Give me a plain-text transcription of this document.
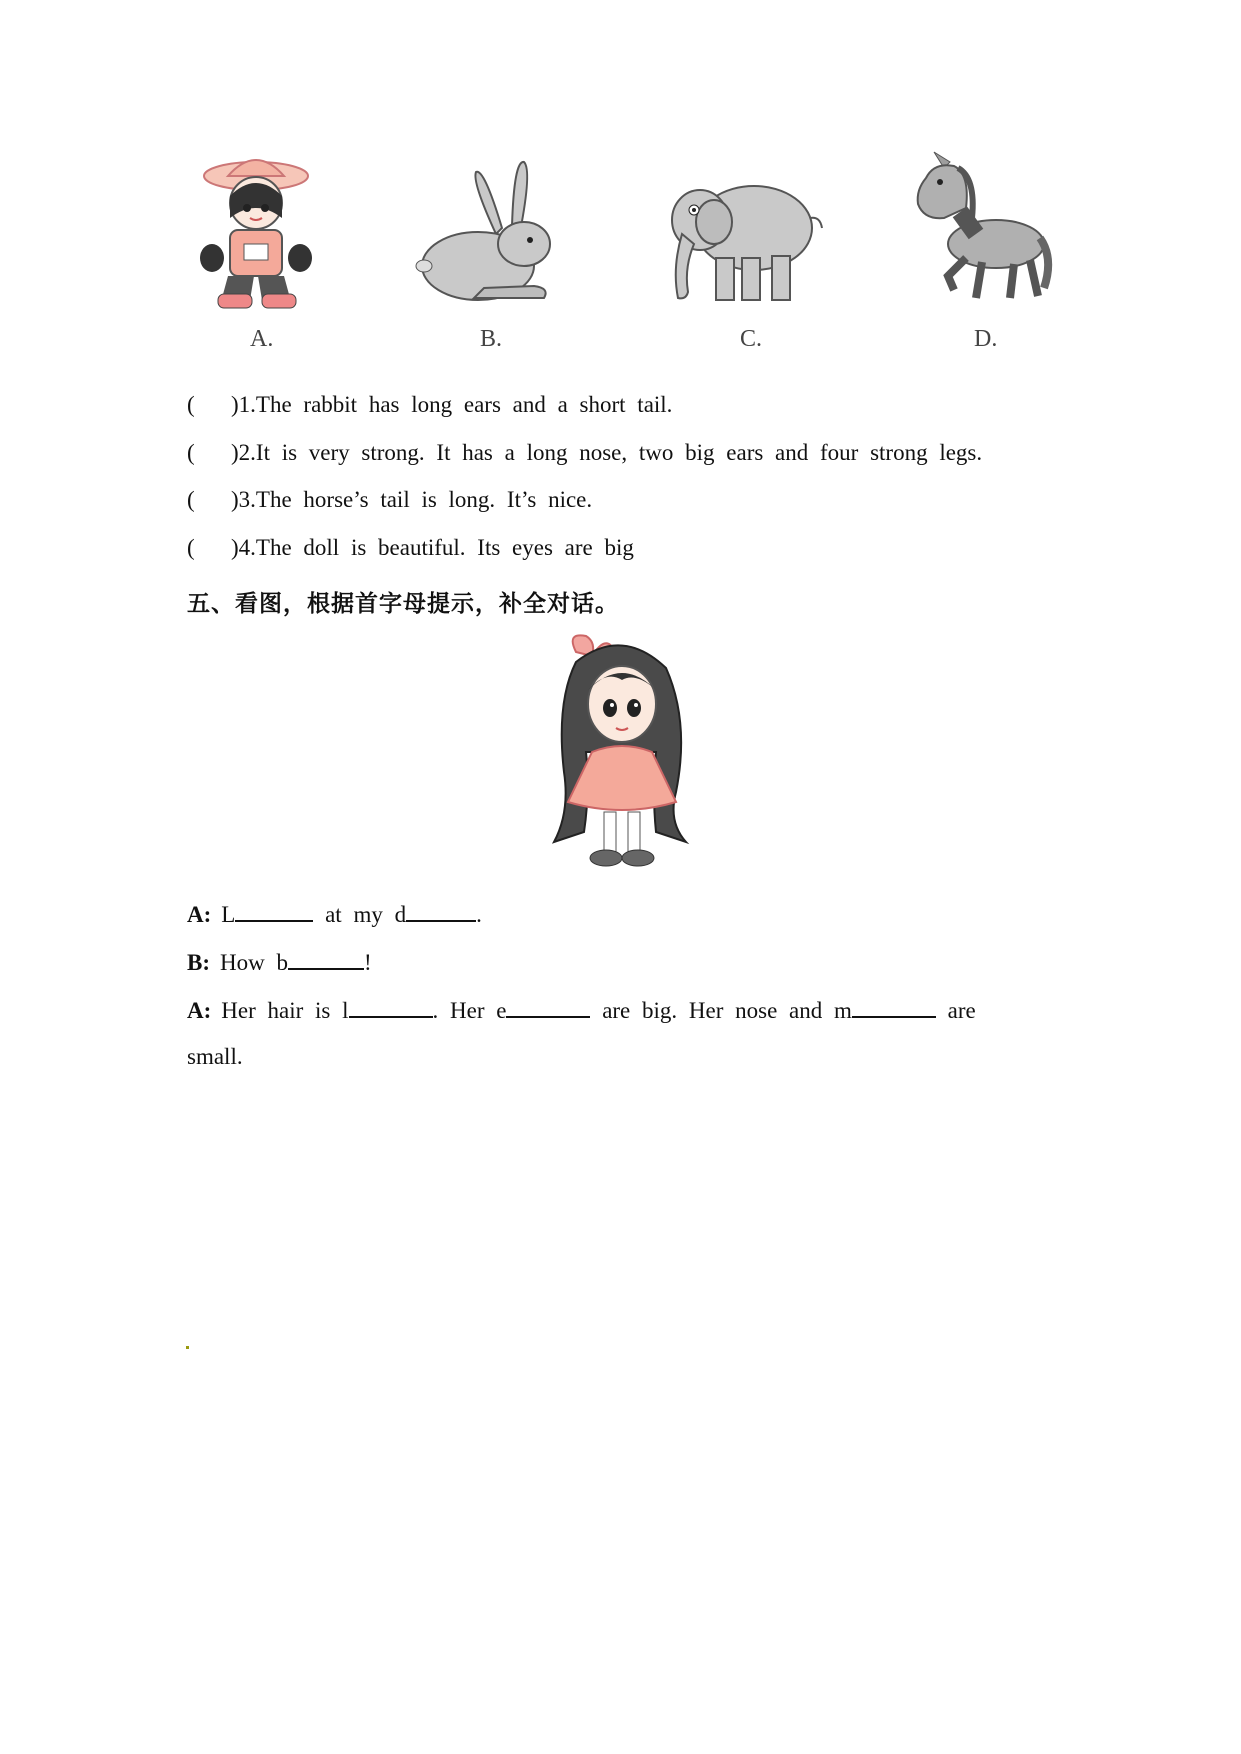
A.	B.	C.	D.
( )1.The rabbit has long ears and a short tail.
( )2.It is very strong. It has a long nose, two big ears and four strong legs.
( )3.The horse’s tail is long. It’s nice.
( )4.The doll is beautiful. Its eyes are big
五、看图，根据首字母提示，补全对话。
A: L	at my d	.
B: How b	!
A: Her hair is l	. Her e	are big. Her nose and m	are
small.
